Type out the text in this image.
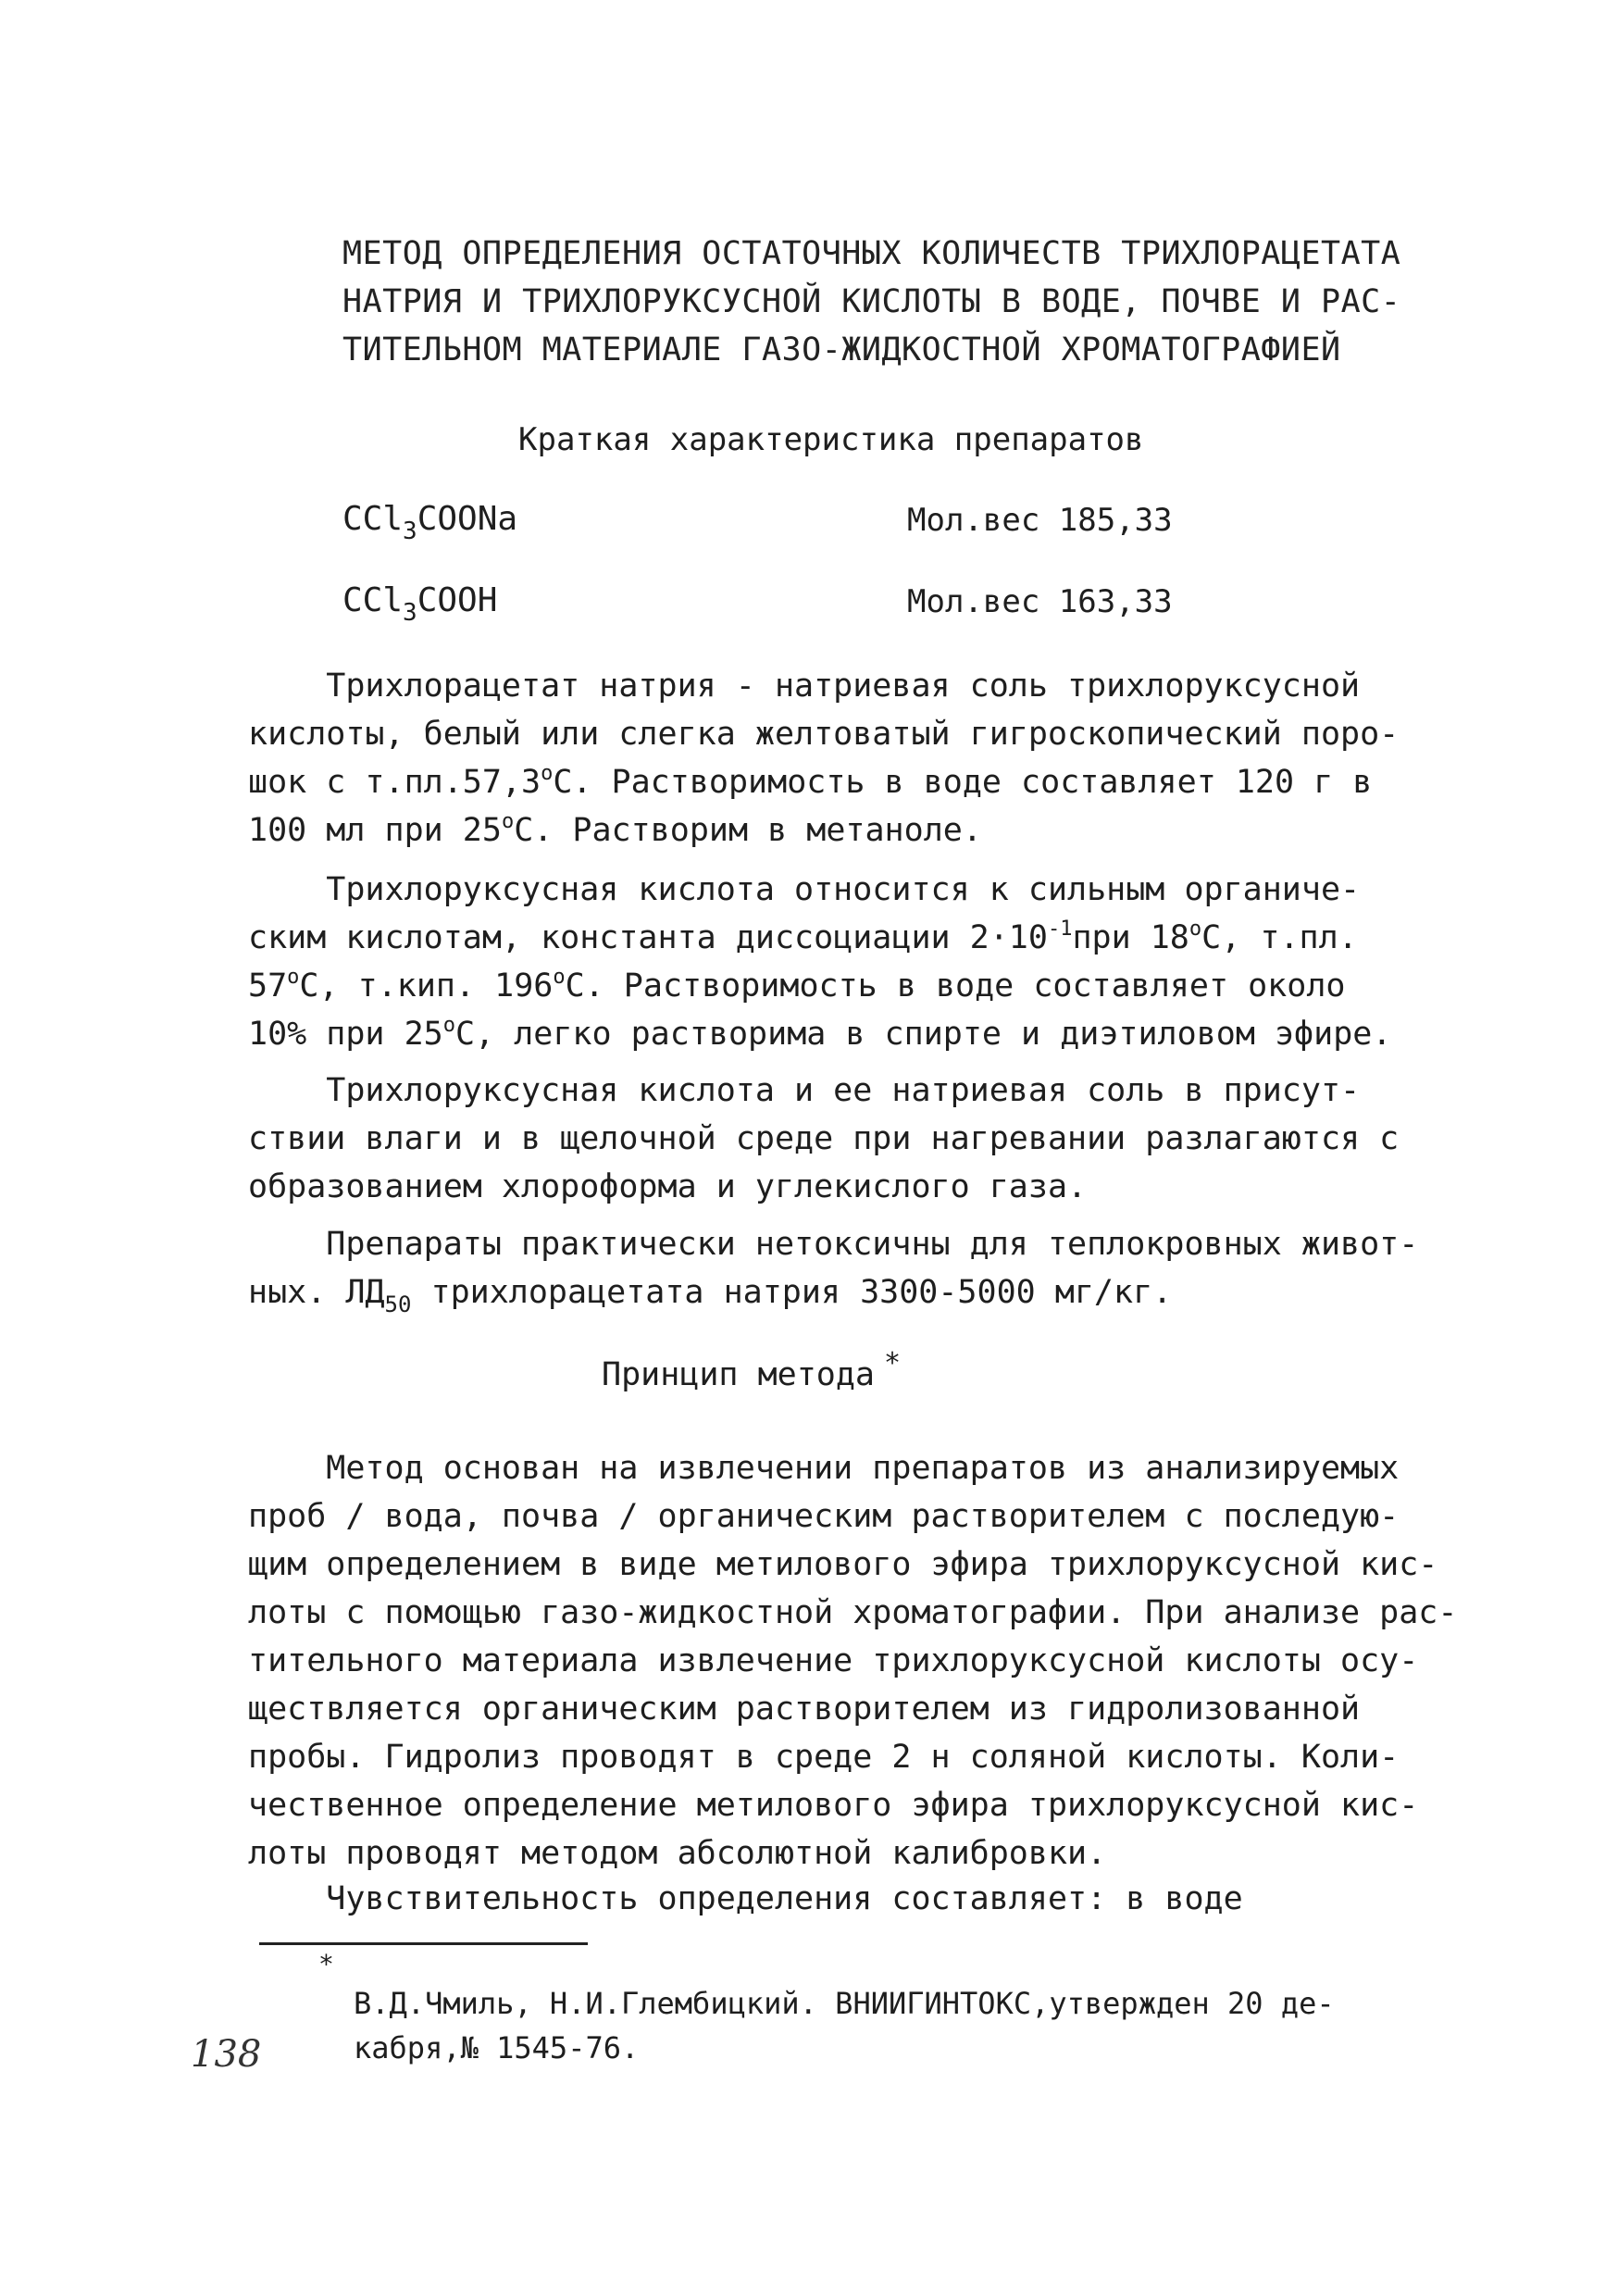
МЕТОД ОПРЕДЕЛЕНИЯ ОСТАТОЧНЫХ КОЛИЧЕСТВ ТРИХЛОРАЦЕТАТА
НАТРИЯ И ТРИХЛОРУКСУСНОЙ КИСЛОТЫ В ВОДЕ, ПОЧВЕ И РАС-
ТИТЕЛЬНОМ МАТЕРИАЛЕ ГАЗО-ЖИДКОСТНОЙ ХРОМАТОГРАФИЕЙ
Краткая характеристика препаратов
CCl$_3$COONa	Мол.вес 185,33
CCl$_3$COOH	Мол.вес 163,33

Трихлорацетат натрия - натриевая соль трихлоруксусной
кислоты, белый или слегка желтоватый гигроскопический поро-
шок с $т.пл.57,3^оС$. Растворимость в воде составляет 120 г в
100 мл при $25^оС$. Растворим в метаноле.

Трихлоруксусная кислота относится к сильным органиче-
ским кислотам, константа диссоциации $2\cdot 10^{-1}при$ $18^оС$, т.пл.
$57^оС$, т.кип. $196^оС$. Растворимость в воде составляет около
10% при $25^оС$, легко растворима в спирте и диэтиловом эфире.

Трихлоруксусная кислота и ее натриевая соль в присут-
ствии влаги и в щелочной среде при нагревании разлагаются с
образованием хлороформа и углекислого газа.

Препараты практически нетоксичны для теплокровных живот-
ных. $ЛД_{50}$ трихлорацетата натрия 3300-5000 мг/кг.

Принцип метода *

Метод основан на извлечении препаратов из анализируемых
проб / вода, почва / органическим растворителем с последую-
щим определением в виде метилового эфира трихлоруксусной кис-
лоты с помощью газо-жидкостной хроматографии. При анализе рас-
тительного материала извлечение трихлоруксусной кислоты осу-
ществляется органическим растворителем из гидролизованной
пробы. Гидролиз проводят в среде 2 н соляной кислоты. Коли-
чественное определение метилового эфира трихлоруксусной кис-
лоты проводят методом абсолютной калибровки.

Чувствительность определения составляет: в воде

*
В.Д.Чмиль, Н.И.Глембицкий. ВНИИГИНТОКС,утвержден 20 де-
кабря,№ 1545-76.
138
